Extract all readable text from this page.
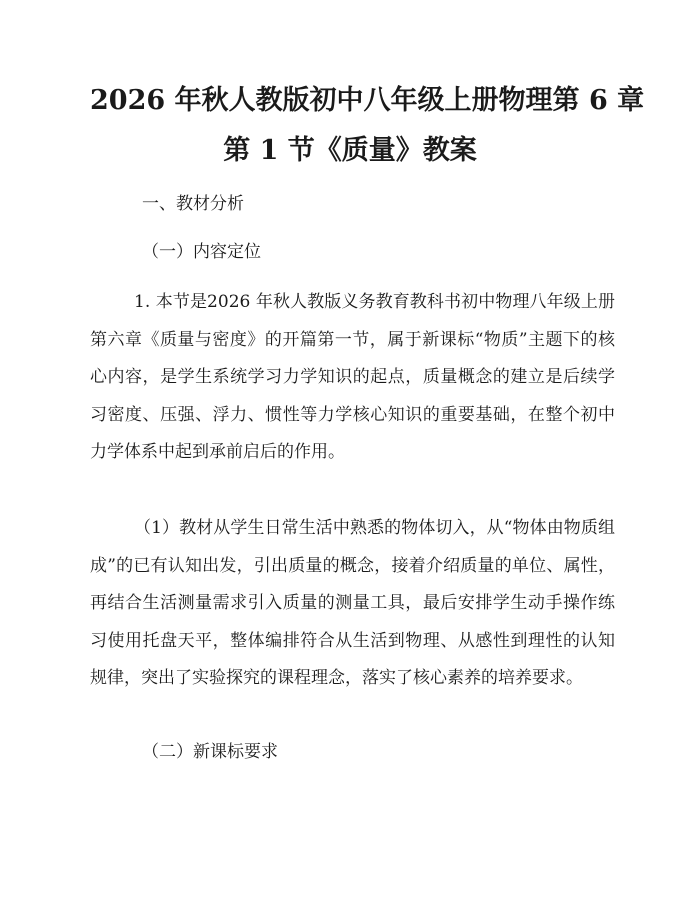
2026 年秋人教版初中八年级上册物理第 6 章
第 1 节《质量》教案
一、教材分析
（一）内容定位
1. 本节是2026 年秋人教版义务教育教科书初中物理八年级上册第六章《质量与密度》的开篇第一节，属于新课标“物质”主题下的核心内容，是学生系统学习力学知识的起点，质量概念的建立是后续学习密度、压强、浮力、惯性等力学核心知识的重要基础，在整个初中力学体系中起到承前启后的作用。
（1）教材从学生日常生活中熟悉的物体切入，从“物体由物质组成”的已有认知出发，引出质量的概念，接着介绍质量的单位、属性，再结合生活测量需求引入质量的测量工具，最后安排学生动手操作练习使用托盘天平，整体编排符合从生活到物理、从感性到理性的认知规律，突出了实验探究的课程理念，落实了核心素养的培养要求。
（二）新课标要求
